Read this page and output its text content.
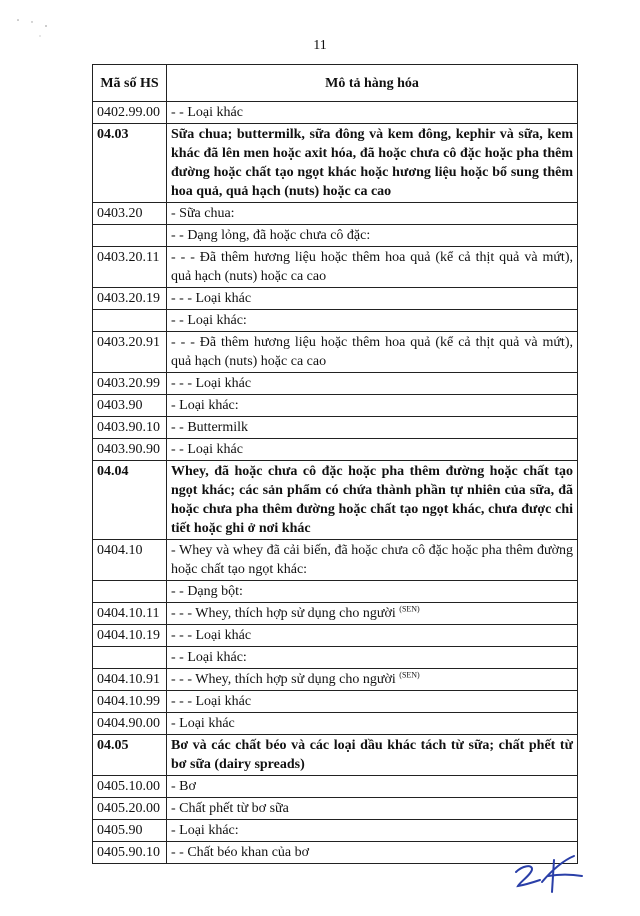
11
Mã số HS	Mô tả hàng hóa
0402.99.00	- - Loại khác
04.03	Sữa chua; buttermilk, sữa đông và kem đông, kephir và sữa, kem khác đã lên men hoặc axit hóa, đã hoặc chưa cô đặc hoặc pha thêm đường hoặc chất tạo ngọt khác hoặc hương liệu hoặc bổ sung thêm hoa quả, quả hạch (nuts) hoặc ca cao
0403.20	- Sữa chua:
	- - Dạng lỏng, đã hoặc chưa cô đặc:
0403.20.11	- - - Đã thêm hương liệu hoặc thêm hoa quả (kể cả thịt quả và mứt), quả hạch (nuts) hoặc ca cao
0403.20.19	- - - Loại khác
	- - Loại khác:
0403.20.91	- - - Đã thêm hương liệu hoặc thêm hoa quả (kể cả thịt quả và mứt), quả hạch (nuts) hoặc ca cao
0403.20.99	- - - Loại khác
0403.90	- Loại khác:
0403.90.10	- - Buttermilk
0403.90.90	- - Loại khác
04.04	Whey, đã hoặc chưa cô đặc hoặc pha thêm đường hoặc chất tạo ngọt khác; các sản phẩm có chứa thành phần tự nhiên của sữa, đã hoặc chưa pha thêm đường hoặc chất tạo ngọt khác, chưa được chi tiết hoặc ghi ở nơi khác
0404.10	- Whey và whey đã cải biến, đã hoặc chưa cô đặc hoặc pha thêm đường hoặc chất tạo ngọt khác:
	- - Dạng bột:
0404.10.11	- - - Whey, thích hợp sử dụng cho người $^{(SEN)}$
0404.10.19	- - - Loại khác
	- - Loại khác:
0404.10.91	- - - Whey, thích hợp sử dụng cho người $^{(SEN)}$
0404.10.99	- - - Loại khác
0404.90.00	- Loại khác
04.05	Bơ và các chất béo và các loại dầu khác tách từ sữa; chất phết từ bơ sữa (dairy spreads)
0405.10.00	- Bơ
0405.20.00	- Chất phết từ bơ sữa
0405.90	- Loại khác:
0405.90.10	- - Chất béo khan của bơ
